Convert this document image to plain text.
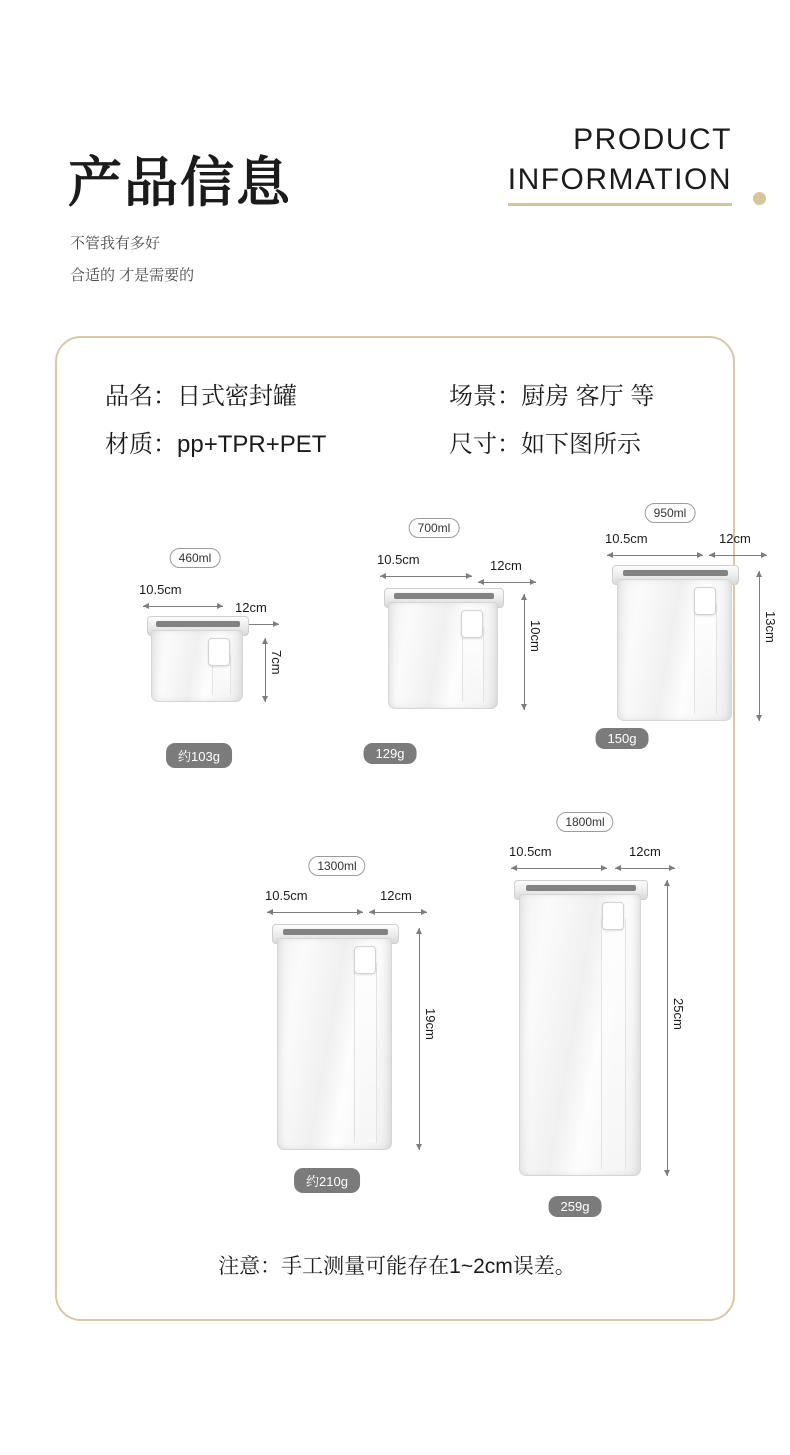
产品信息
不管我有多好
合适的 才是需要的
PRODUCT
INFORMATION
品名：日式密封罐
材质：pp+TPR+PET
场景：厨房 客厅 等
尺寸：如下图所示
460ml
10.5cm
12cm
7cm
约103g
700ml
10.5cm	12cm
10cm
129g
950ml
10.5cm	12cm
13cm
150g
1300ml
10.5cm	12cm
19cm
约210g
1800ml
10.5cm	12cm
25cm
259g
注意：手工测量可能存在1~2cm误差。
